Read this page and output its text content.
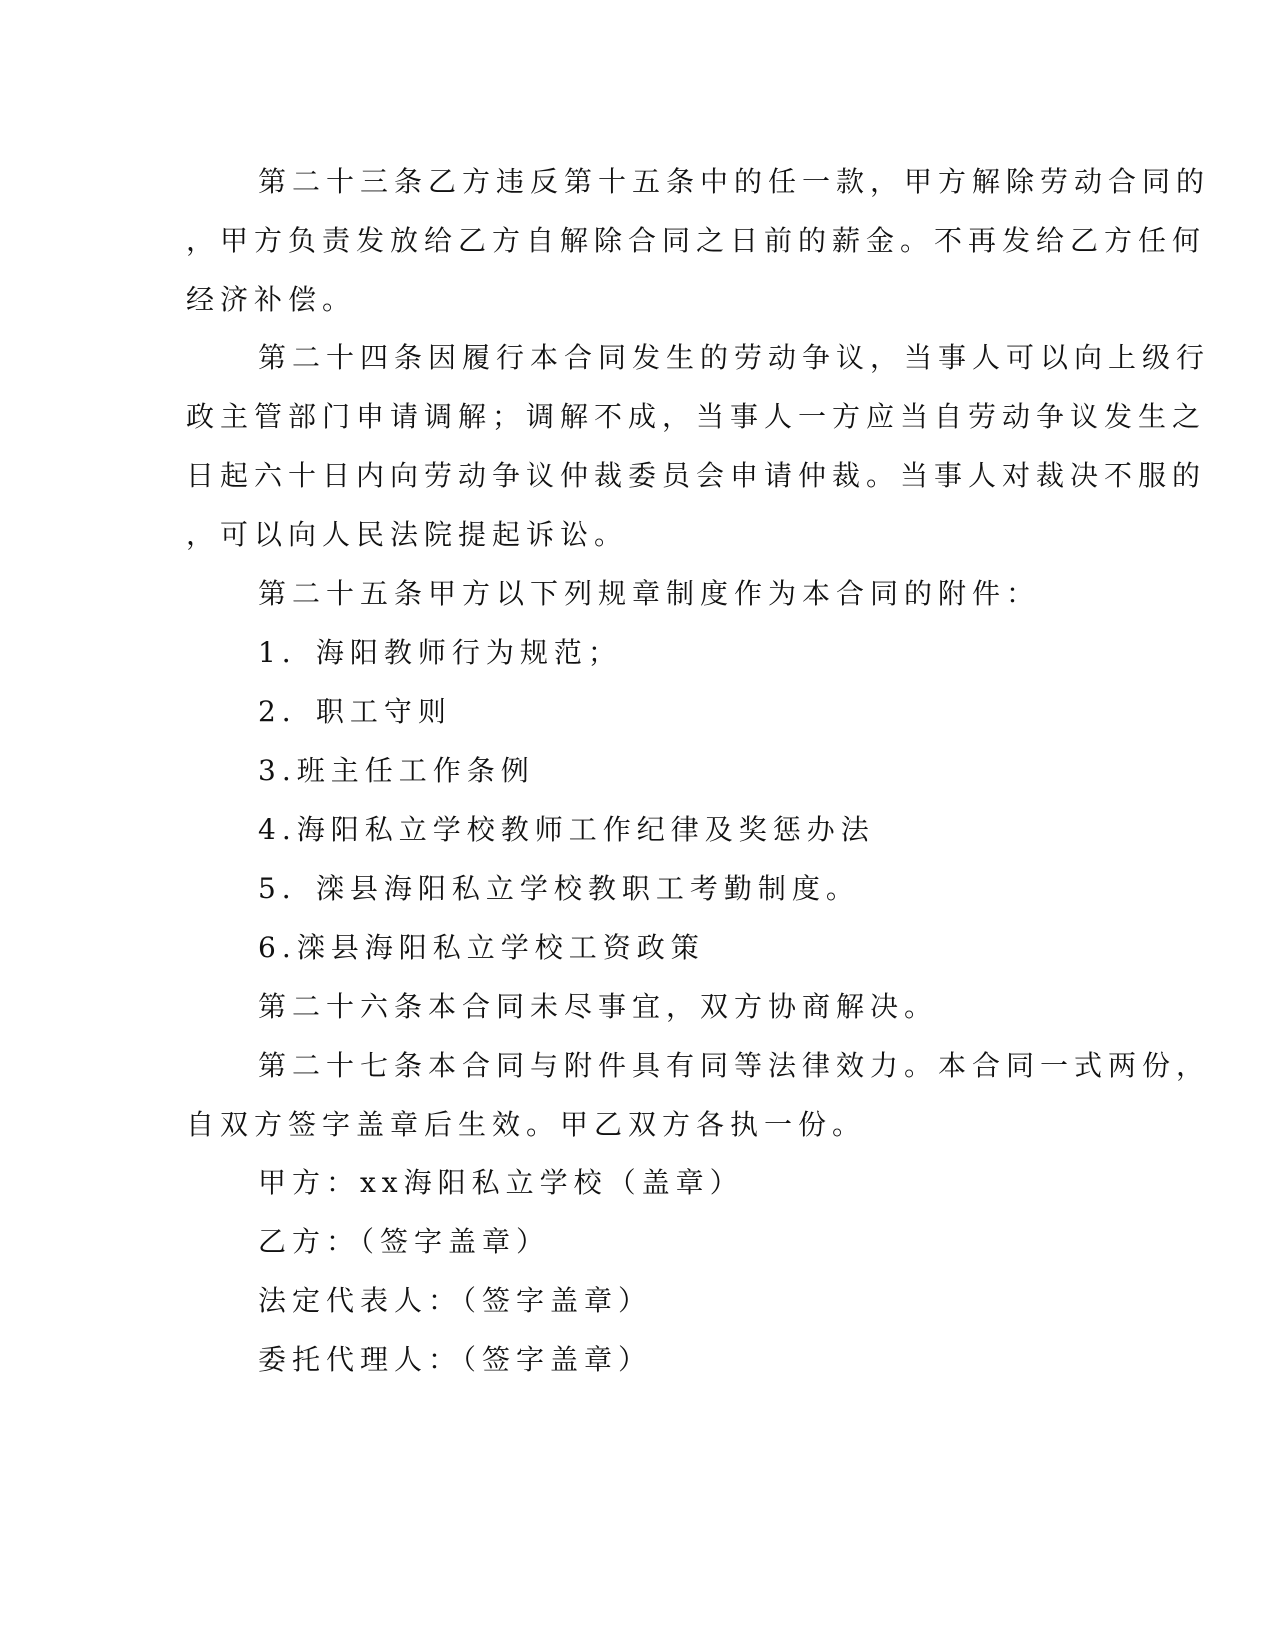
第二十三条乙方违反第十五条中的任一款，甲方解除劳动合同的
，甲方负责发放给乙方自解除合同之日前的薪金。不再发给乙方任何
经济补偿。
第二十四条因履行本合同发生的劳动争议，当事人可以向上级行
政主管部门申请调解；调解不成，当事人一方应当自劳动争议发生之
日起六十日内向劳动争议仲裁委员会申请仲裁。当事人对裁决不服的
，可以向人民法院提起诉讼。
第二十五条甲方以下列规章制度作为本合同的附件：
1．海阳教师行为规范；
2．职工守则
3.班主任工作条例
4.海阳私立学校教师工作纪律及奖惩办法
5．滦县海阳私立学校教职工考勤制度。
6.滦县海阳私立学校工资政策
第二十六条本合同未尽事宜，双方协商解决。
第二十七条本合同与附件具有同等法律效力。本合同一式两份，
自双方签字盖章后生效。甲乙双方各执一份。
甲方：xx海阳私立学校（盖章）
乙方：（签字盖章）
法定代表人：（签字盖章）
委托代理人：（签字盖章）
